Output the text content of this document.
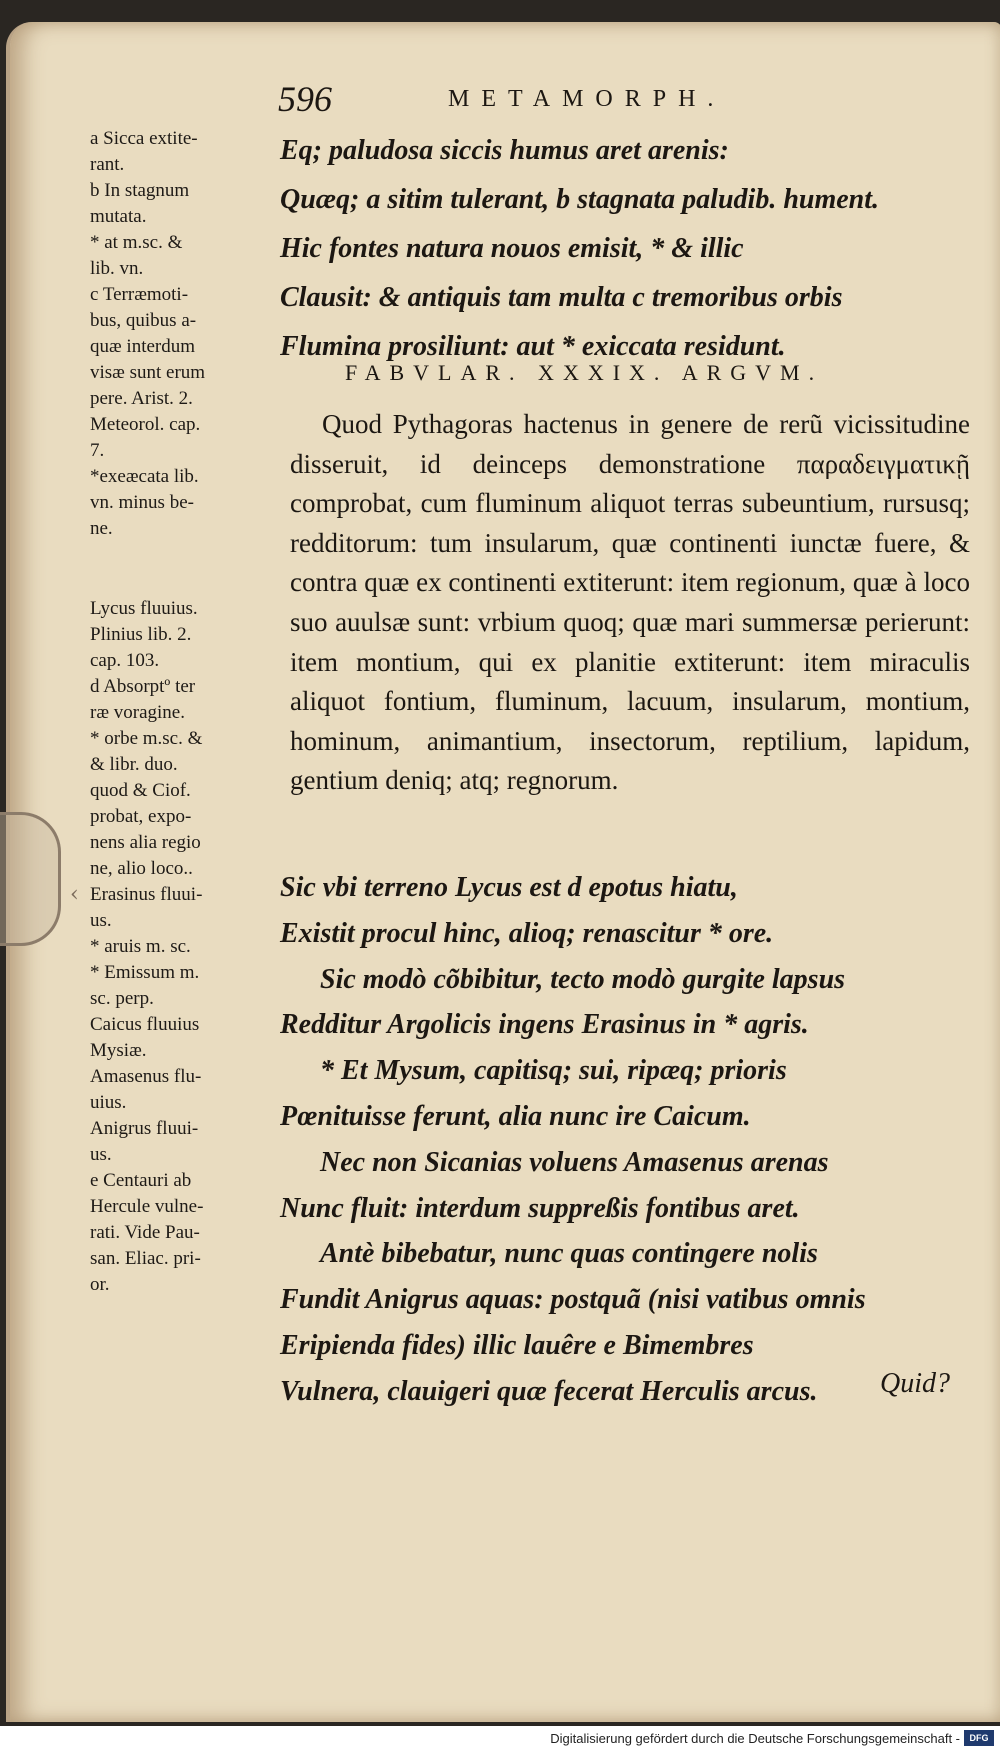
‹
596	METAMORPH.

a Sicca extite-

rant.

b In stagnum

mutata.

* at m.sc. &

lib. vn.

c Terræmoti-

bus, quibus a-

quæ interdum

visæ sunt erum

pere. Arist. 2.

Meteorol. cap.

7.

*exeæcata lib.

vn. minus be-

ne.

Lycus fluuius.

Plinius lib. 2.

cap. 103.

d Absorptº ter

ræ voragine.

* orbe m.sc. &

& libr. duo.

quod & Ciof.

probat, expo-

nens alia regio

ne, alio loco..

Erasinus fluui-

us.

* aruis m. sc.

* Emissum m.

sc. perp.

Caicus fluuius

Mysiæ.

Amasenus flu-

uius.

Anigrus fluui-

us.

e Centauri ab

Hercule vulne-

rati. Vide Pau-

san. Eliac. pri-

or.

Eq; paludosa siccis humus aret arenis:
Quæq; a sitim tulerant, b stagnata paludib. hument.
Hic fontes natura nouos emisit, * & illic
Clausit: & antiquis tam multa c tremoribus orbis
Flumina prosiliunt: aut * exiccata residunt.
FABVLAR. XXXIX. ARGVM.

Quod Pythagoras hactenus in genere de rerũ vicissitudine disseruit, id deinceps demonstratione παραδειγματικῇ comprobat, cum fluminum aliquot terras subeuntium, rursusq; redditorum: tum insularum, quæ continenti iunctæ fuere, & contra quæ ex continenti extiterunt: item regionum, quæ à loco suo auulsæ sunt: vrbium quoq; quæ mari summersæ perierunt: item montium, qui ex planitie extiterunt: item miraculis aliquot fontium, fluminum, lacuum, insularum, montium, hominum, animantium, insectorum, reptilium, lapidum, gentium deniq; atq; regnorum.

Sic vbi terreno Lycus est d epotus hiatu,
Existit procul hinc, alioq; renascitur * ore.
Sic modò cõbibitur, tecto modò gurgite lapsus
Redditur Argolicis ingens Erasinus in * agris.
* Et Mysum, capitisq; sui, ripæq; prioris
Pœnituisse ferunt, alia nunc ire Caicum.
Nec non Sicanias voluens Amasenus arenas
Nunc fluit: interdum suppreßis fontibus aret.
Antè bibebatur, nunc quas contingere nolis
Fundit Anigrus aquas: postquã (nisi vatibus omnis
Eripienda fides) illic lauêre e Bimembres
Vulnera, clauigeri quæ fecerat Herculis arcus.	Quid?
Digitalisierung gefördert durch die Deutsche Forschungsgemeinschaft -	DFG
